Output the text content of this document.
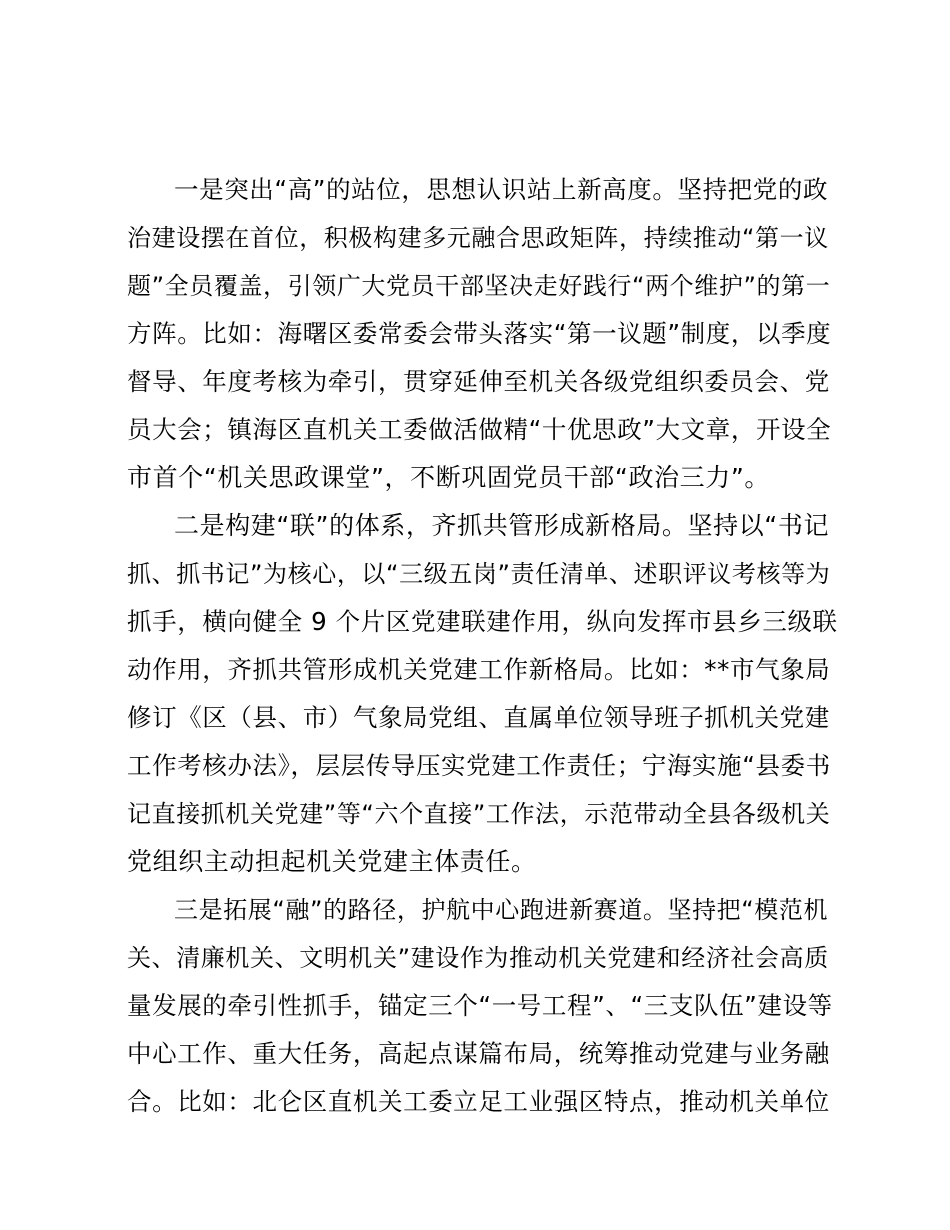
一是突出“高”的站位，思想认识站上新高度。坚持把党的政
治建设摆在首位，积极构建多元融合思政矩阵，持续推动“第一议
题”全员覆盖，引领广大党员干部坚决走好践行“两个维护”的第一
方阵。比如：海曙区委常委会带头落实“第一议题”制度，以季度
督导、年度考核为牵引，贯穿延伸至机关各级党组织委员会、党
员大会；镇海区直机关工委做活做精“十优思政”大文章，开设全
市首个“机关思政课堂”，不断巩固党员干部“政治三力”。
二是构建“联”的体系，齐抓共管形成新格局。坚持以“书记
抓、抓书记”为核心，以“三级五岗”责任清单、述职评议考核等为
抓手，横向健全 9 个片区党建联建作用，纵向发挥市县乡三级联
动作用，齐抓共管形成机关党建工作新格局。比如：**市气象局
修订《区（县、市）气象局党组、直属单位领导班子抓机关党建
工作考核办法》，层层传导压实党建工作责任；宁海实施“县委书
记直接抓机关党建”等“六个直接”工作法，示范带动全县各级机关
党组织主动担起机关党建主体责任。
三是拓展“融”的路径，护航中心跑进新赛道。坚持把“模范机
关、清廉机关、文明机关”建设作为推动机关党建和经济社会高质
量发展的牵引性抓手，锚定三个“一号工程”、“三支队伍”建设等
中心工作、重大任务，高起点谋篇布局，统筹推动党建与业务融
合。比如：北仑区直机关工委立足工业强区特点，推动机关单位
